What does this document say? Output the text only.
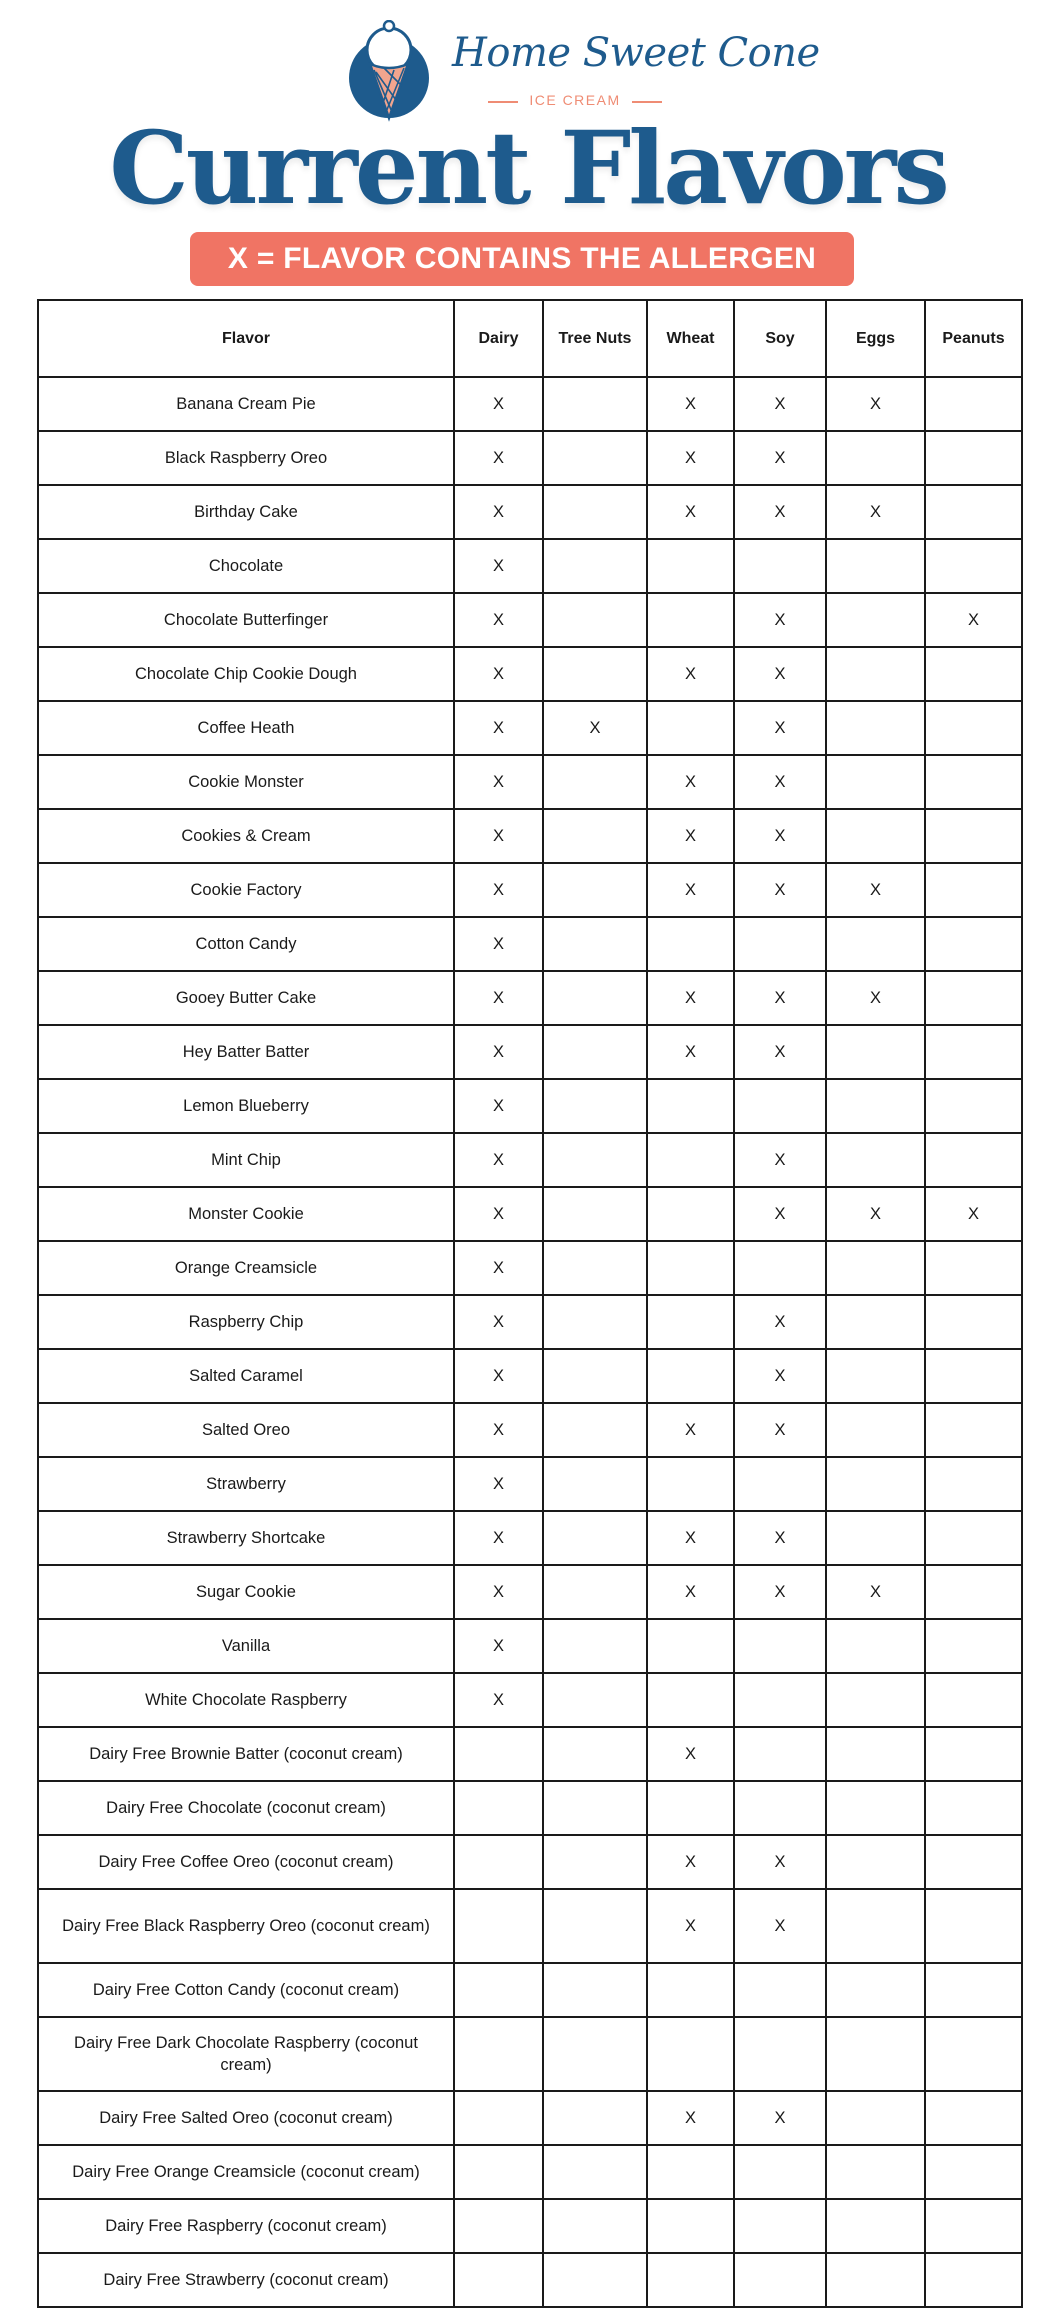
Home Sweet Cone
ICE CREAM
Current Flavors
X = FLAVOR CONTAINS THE ALLERGEN
Flavor	Dairy	Tree Nuts	Wheat	Soy	Eggs	Peanuts
Banana Cream Pie	X		X	X	X	
Black Raspberry Oreo	X		X	X		
Birthday Cake	X		X	X	X	
Chocolate	X					
Chocolate Butterfinger	X			X		X
Chocolate Chip Cookie Dough	X		X	X		
Coffee Heath	X	X		X		
Cookie Monster	X		X	X		
Cookies & Cream	X		X	X		
Cookie Factory	X		X	X	X	
Cotton Candy	X					
Gooey Butter Cake	X		X	X	X	
Hey Batter Batter	X		X	X		
Lemon Blueberry	X					
Mint Chip	X			X		
Monster Cookie	X			X	X	X
Orange Creamsicle	X					
Raspberry Chip	X			X		
Salted Caramel	X			X		
Salted Oreo	X		X	X		
Strawberry	X					
Strawberry Shortcake	X		X	X		
Sugar Cookie	X		X	X	X	
Vanilla	X					
White Chocolate Raspberry	X					
Dairy Free Brownie Batter (coconut cream)			X			
Dairy Free Chocolate (coconut cream)						
Dairy Free Coffee Oreo (coconut cream)			X	X		
Dairy Free Black Raspberry Oreo (coconut cream)			X	X		
Dairy Free Cotton Candy (coconut cream)						
Dairy Free Dark Chocolate Raspberry (coconut cream)						
Dairy Free Salted Oreo (coconut cream)			X	X		
Dairy Free Orange Creamsicle (coconut cream)						
Dairy Free Raspberry (coconut cream)						
Dairy Free Strawberry (coconut cream)						
